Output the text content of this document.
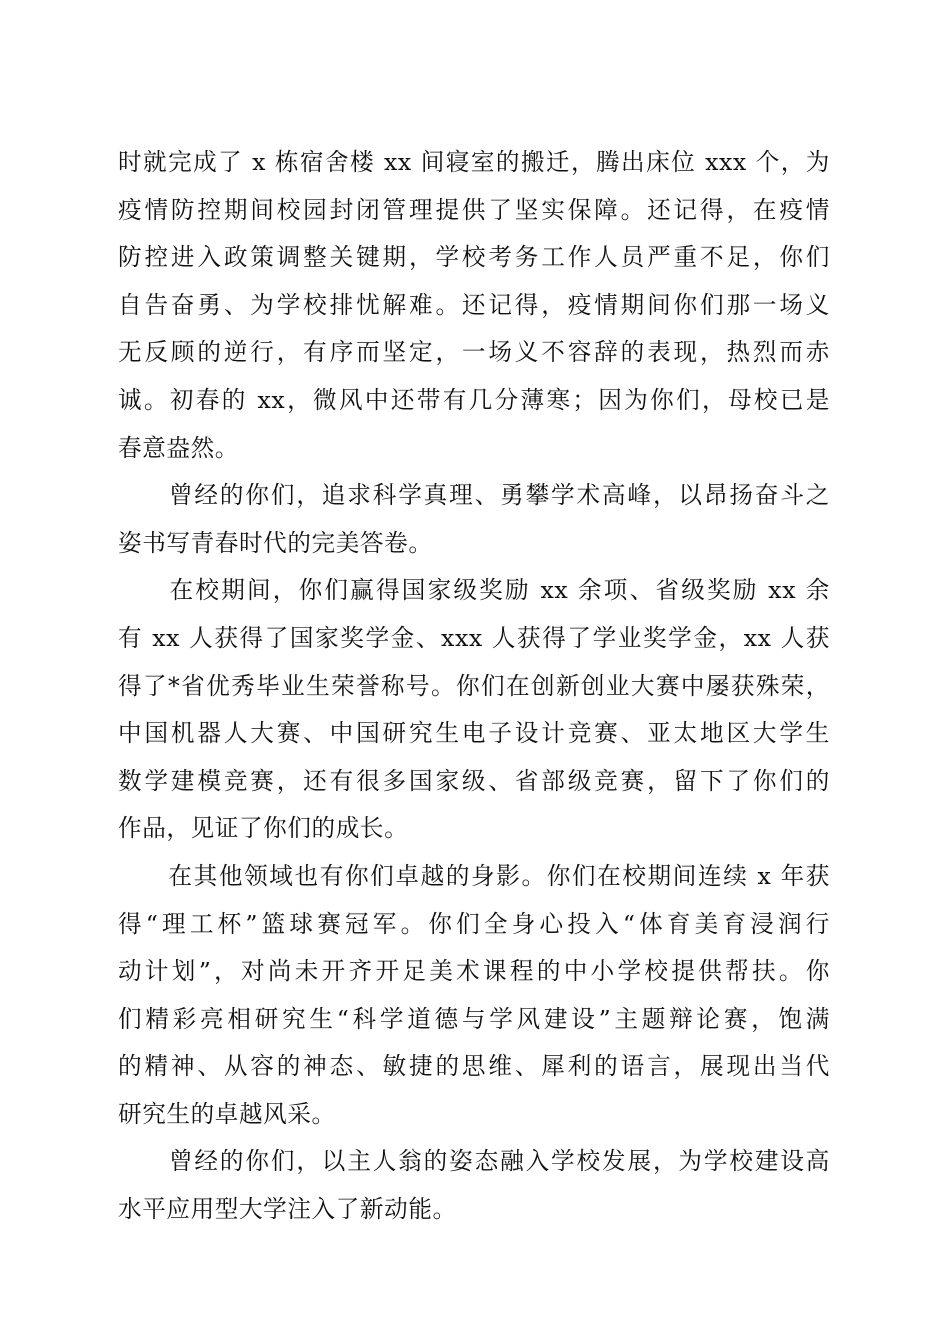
时就完成了 x 栋宿舍楼 xx 间寝室的搬迁，腾出床位 xxx 个，为
疫情防控期间校园封闭管理提供了坚实保障。还记得，在疫情
防控进入政策调整关键期，学校考务工作人员严重不足，你们
自告奋勇、为学校排忧解难。还记得，疫情期间你们那一场义
无反顾的逆行，有序而坚定，一场义不容辞的表现，热烈而赤
诚。初春的 xx，微风中还带有几分薄寒；因为你们，母校已是
春意盎然。

　　曾经的你们，追求科学真理、勇攀学术高峰，以昂扬奋斗之
姿书写青春时代的完美答卷。

　　在校期间，你们赢得国家级奖励 xx 余项、省级奖励 xx 余
有 xx 人获得了国家奖学金、xxx 人获得了学业奖学金，xx 人获
得了*省优秀毕业生荣誉称号。你们在创新创业大赛中屡获殊荣，
中国机器人大赛、中国研究生电子设计竞赛、亚太地区大学生
数学建模竞赛，还有很多国家级、省部级竞赛，留下了你们的
作品，见证了你们的成长。

　　在其他领域也有你们卓越的身影。你们在校期间连续 x 年获
得“理工杯”篮球赛冠军。你们全身心投入“体育美育浸润行
动计划”，对尚未开齐开足美术课程的中小学校提供帮扶。你
们精彩亮相研究生“科学道德与学风建设”主题辩论赛，饱满
的精神、从容的神态、敏捷的思维、犀利的语言，展现出当代
研究生的卓越风采。

　　曾经的你们，以主人翁的姿态融入学校发展，为学校建设高
水平应用型大学注入了新动能。
